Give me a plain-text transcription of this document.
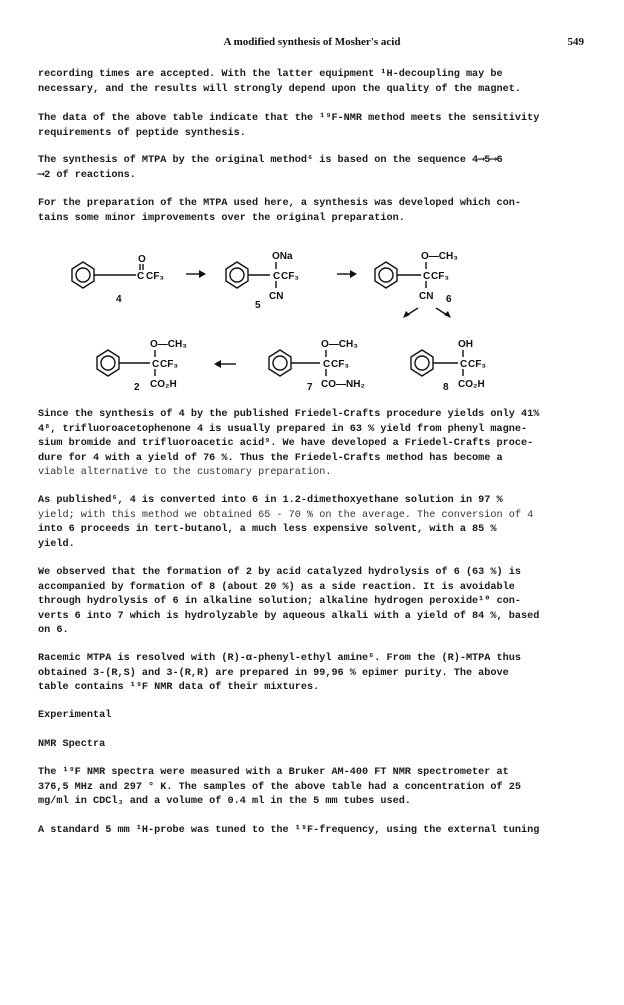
A modified synthesis of Mosher's acid	549

recording times are accepted. With the latter equipment ¹H-decoupling may be
necessary, and the results will strongly depend upon the quality of the magnet.

The data of the above table indicate that the ¹⁹F-NMR method meets the sensitivity
requirements of peptide synthesis.

The synthesis of MTPA by the original method⁶ is based on the sequence 4⟶5⟶6
⟶2 of reactions.

For the preparation of the MTPA used here, a synthesis was developed which con-
tains some minor improvements over the original preparation.

O
C CF₃
4
ONa
C CF₃
CN
5
O—CH₃
C CF₃
CN 6
O—CH₃
C CF₃
CO₂H
2
O—CH₃
C CF₃
CO—NH₂
7
OH
C CF₃
CO₂H
8

Since the synthesis of 4 by the published Friedel-Crafts procedure yields only 41%
4⁸, trifluoroacetophenone 4 is usually prepared in 63 % yield from phenyl magne-
sium bromide and trifluoroacetic acid⁹. We have developed a Friedel-Crafts proce-
dure for 4 with a yield of 76 %. Thus the Friedel-Crafts method has become a
viable alternative to the customary preparation.

As published⁶, 4 is converted into 6 in 1.2-dimethoxyethane solution in 97 %
yield; with this method we obtained 65 - 70 % on the average. The conversion of 4
into 6 proceeds in tert-butanol, a much less expensive solvent, with a 85 %
yield.

We observed that the formation of 2 by acid catalyzed hydrolysis of 6 (63 %) is
accompanied by formation of 8 (about 20 %) as a side reaction. It is avoidable
through hydrolysis of 6 in alkaline solution; alkaline hydrogen peroxide¹⁰ con-
verts 6 into 7 which is hydrolyzable by aqueous alkali with a yield of 84 %, based
on 6.

Racemic MTPA is resolved with (R)-α-phenyl-ethyl amine⁶. From the (R)-MTPA thus
obtained 3-(R,S) and 3-(R,R) are prepared in 99,96 % epimer purity. The above
table contains ¹⁹F NMR data of their mixtures.

Experimental

NMR Spectra

The ¹⁹F NMR spectra were measured with a Bruker AM-400 FT NMR spectrometer at
376,5 MHz and 297 ° K. The samples of the above table had a concentration of 25
mg/ml in CDCl₃ and a volume of 0.4 ml in the 5 mm tubes used.

A standard 5 mm ¹H-probe was tuned to the ¹⁹F-frequency, using the external tuning
